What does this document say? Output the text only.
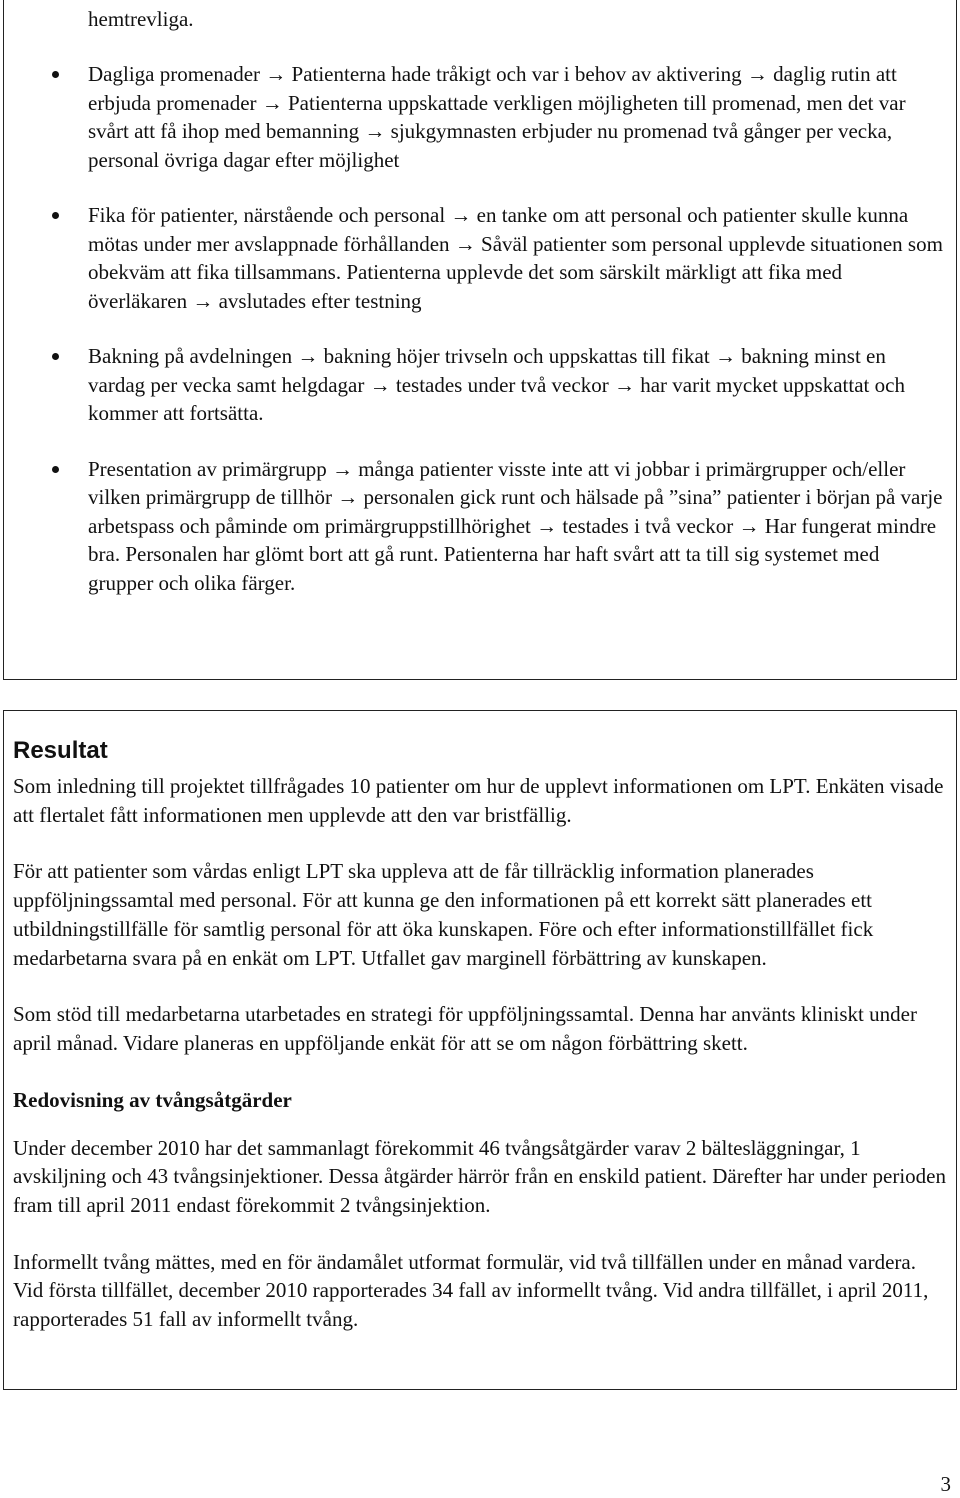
hemtrevliga.

Dagliga promenader → Patienterna hade tråkigt och var i behov av aktivering → daglig rutin att erbjuda promenader → Patienterna uppskattade verkligen möjligheten till promenad, men det var svårt att få ihop med bemanning → sjukgymnasten erbjuder nu promenad två gånger per vecka, personal övriga dagar efter möjlighet
Fika för patienter, närstående och personal → en tanke om att personal och patienter skulle kunna mötas under mer avslappnade förhållanden → Såväl patienter som personal upplevde situationen som obekväm att fika tillsammans. Patienterna upplevde det som särskilt märkligt att fika med överläkaren → avslutades efter testning
Bakning på avdelningen → bakning höjer trivseln och uppskattas till fikat → bakning minst en vardag per vecka samt helgdagar → testades under två veckor → har varit mycket uppskattat och kommer att fortsätta.
Presentation av primärgrupp → många patienter visste inte att vi jobbar i primärgrupper och/eller vilken primärgrupp de tillhör → personalen gick runt och hälsade på ”sina” patienter i början på varje arbetspass och påminde om primärgruppstillhörighet → testades i två veckor → Har fungerat mindre bra. Personalen har glömt bort att gå runt. Patienterna har haft svårt att ta till sig systemet med grupper och olika färger.
Resultat

Som inledning till projektet tillfrågades 10 patienter om hur de upplevt informationen om LPT. Enkäten visade att flertalet fått informationen men upplevde att den var bristfällig.

För att patienter som vårdas enligt LPT ska uppleva att de får tillräcklig information planerades uppföljningssamtal med personal. För att kunna ge den informationen på ett korrekt sätt planerades ett utbildningstillfälle för samtlig personal för att öka kunskapen. Före och efter informationstillfället fick medarbetarna svara på en enkät om LPT. Utfallet gav marginell förbättring av kunskapen.

Som stöd till medarbetarna utarbetades en strategi för uppföljningssamtal. Denna har använts kliniskt under april månad. Vidare planeras en uppföljande enkät för att se om någon förbättring skett.

Redovisning av tvångsåtgärder

Under december 2010 har det sammanlagt förekommit 46 tvångsåtgärder varav 2 bältesläggningar, 1 avskiljning och 43 tvångsinjektioner. Dessa åtgärder härrör från en enskild patient. Därefter har under perioden fram till april 2011 endast förekommit 2 tvångsinjektion.

Informellt tvång mättes, med en för ändamålet utformat formulär, vid två tillfällen under en månad vardera. Vid första tillfället, december 2010 rapporterades 34 fall av informellt tvång. Vid andra tillfället, i april 2011, rapporterades 51 fall av informellt tvång.

3
